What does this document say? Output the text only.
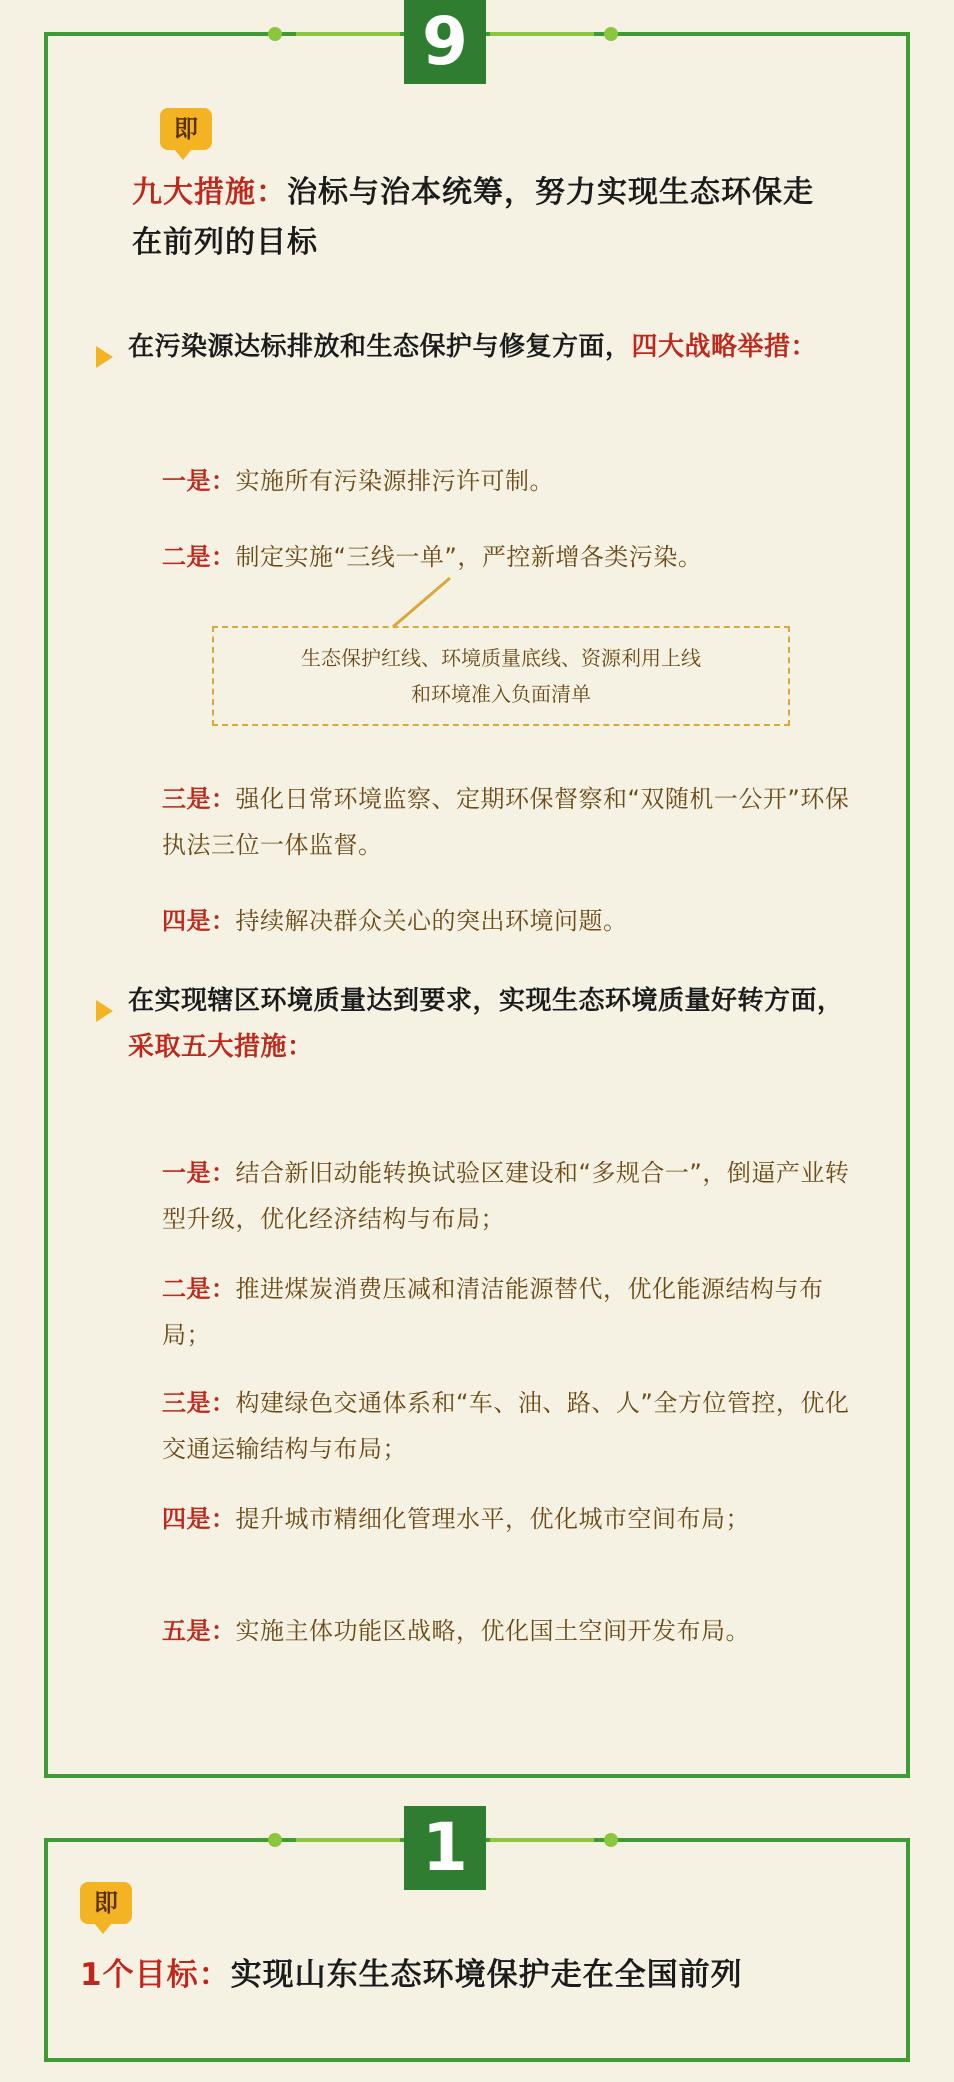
9
即
九大措施：治标与治本统筹，努力实现生态环保走在前列的目标
在污染源达标排放和生态保护与修复方面，四大战略举措：
一是：实施所有污染源排污许可制。
二是：制定实施“三线一单”，严控新增各类污染。
生态保护红线、环境质量底线、资源利用上线
和环境准入负面清单
三是：强化日常环境监察、定期环保督察和“双随机一公开”环保执法三位一体监督。
四是：持续解决群众关心的突出环境问题。
在实现辖区环境质量达到要求，实现生态环境质量好转方面，采取五大措施：
一是：结合新旧动能转换试验区建设和“多规合一”，倒逼产业转型升级，优化经济结构与布局；
二是：推进煤炭消费压减和清洁能源替代，优化能源结构与布局；
三是：构建绿色交通体系和“车、油、路、人”全方位管控，优化交通运输结构与布局；
四是：提升城市精细化管理水平，优化城市空间布局；
五是：实施主体功能区战略，优化国土空间开发布局。
1
即
1个目标：实现山东生态环境保护走在全国前列
